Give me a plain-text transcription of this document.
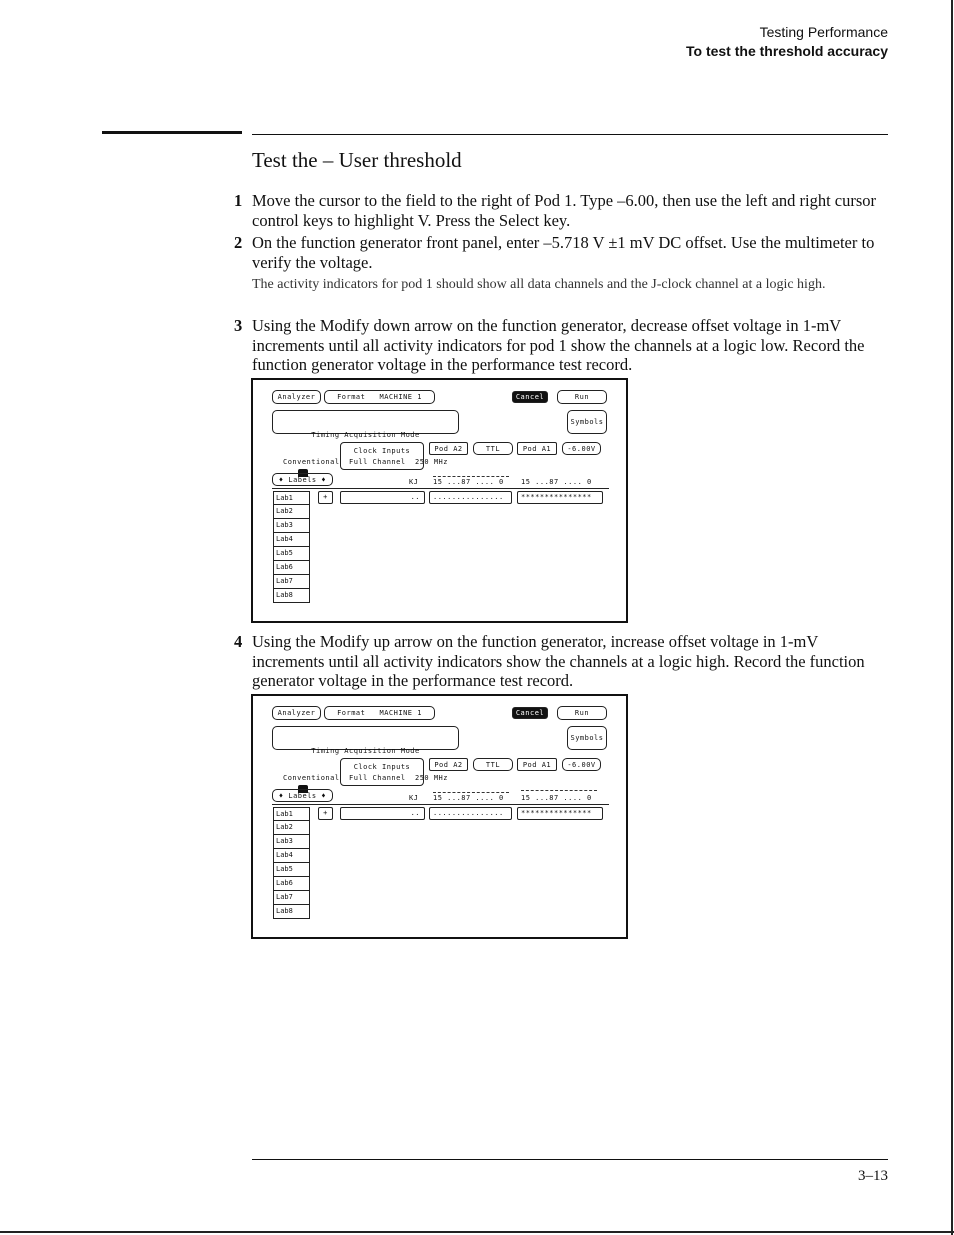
Testing Performance
To test the threshold accuracy
Test the – User threshold
1 Move the cursor to the field to the right of Pod 1. Type –6.00, then use the left and right cursor control keys to highlight V. Press the Select key.
2 On the function generator front panel, enter –5.718 V ±1 mV DC offset. Use the multimeter to verify the voltage.
The activity indicators for pod 1 should show all data channels and the J-clock channel at a logic high.
3 Using the Modify down arrow on the function generator, decrease offset voltage in 1-mV increments until all activity indicators for pod 1 show the channels at a logic low. Record the function generator voltage in the performance test record.
Analyzer	Format   MACHINE 1	Cancel	Run

Timing Acquisition Mode

Conventional  Full Channel  250 MHz

Symbols
Clock Inputs	Pod A2	TTL	Pod A1	-6.00V
♦ Labels ♦	KJ 15 ...87 .... 0 15 ...87 .... 0
Lab1
Lab2
Lab3
Lab4
Lab5
Lab6
Lab7
Lab8
+	..	...............	***************
4 Using the Modify up arrow on the function generator, increase offset voltage in 1-mV increments until all activity indicators show the channels at a logic high. Record the function generator voltage in the performance test record.
Analyzer	Format   MACHINE 1	Cancel	Run

Timing Acquisition Mode

Conventional  Full Channel  250 MHz

Symbols
Clock Inputs	Pod A2	TTL	Pod A1	-6.00V
♦ Labels ♦	KJ 15 ...87 .... 0 15 ...87 .... 0
Lab1
Lab2
Lab3
Lab4
Lab5
Lab6
Lab7
Lab8
+	..	...............	***************
3–13
